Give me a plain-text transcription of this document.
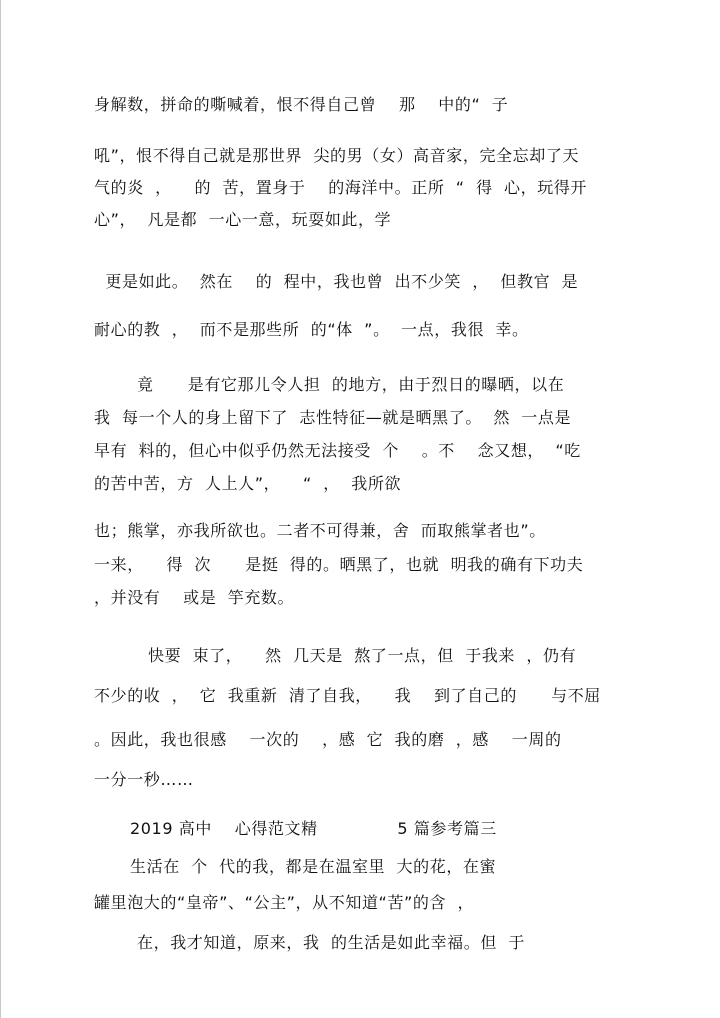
身解数，拼命的嘶喊着，恨不得自己曾    那    中的“  子
吼”，恨不得自己就是那世界  尖的男（女）高音家，完全忘却了天
气的炎  ，    的  苦，置身于    的海洋中。正所  “  得  心，玩得开
心”，  凡是都  一心一意，玩耍如此，学
更是如此。  然在    的  程中，我也曾  出不少笑  ，  但教官  是
耐心的教  ，  而不是那些所  的“体  ”。  一点，我很  幸。
竟      是有它那儿令人担  的地方，由于烈日的曝晒，以在
我  每一个人的身上留下了  志性特征—就是晒黑了。  然  一点是
早有  料的，但心中似乎仍然无法接受  个    。不    念又想，  “吃
的苦中苦，方  人上人”，    “  ，  我所欲
也；熊掌，亦我所欲也。二者不可得兼，舍  而取熊掌者也”。
一来，    得  次      是挺  得的。晒黑了，也就  明我的确有下功夫
，并没有    或是  竽充数。
快要  束了，    然  几天是  熬了一点，但  于我来  ，仍有
不少的收  ，  它  我重新  清了自我，    我    到了自己的      与不屈
。因此，我也很感    一次的    ，感  它  我的磨  ，感    一周的
一分一秒……
2019 高中    心得范文精              5 篇参考篇三
生活在  个  代的我，都是在温室里  大的花，在蜜
罐里泡大的“皇帝”、“公主”，从不知道“苦”的含  ，
在，我才知道，原来，我  的生活是如此幸福。但  于
